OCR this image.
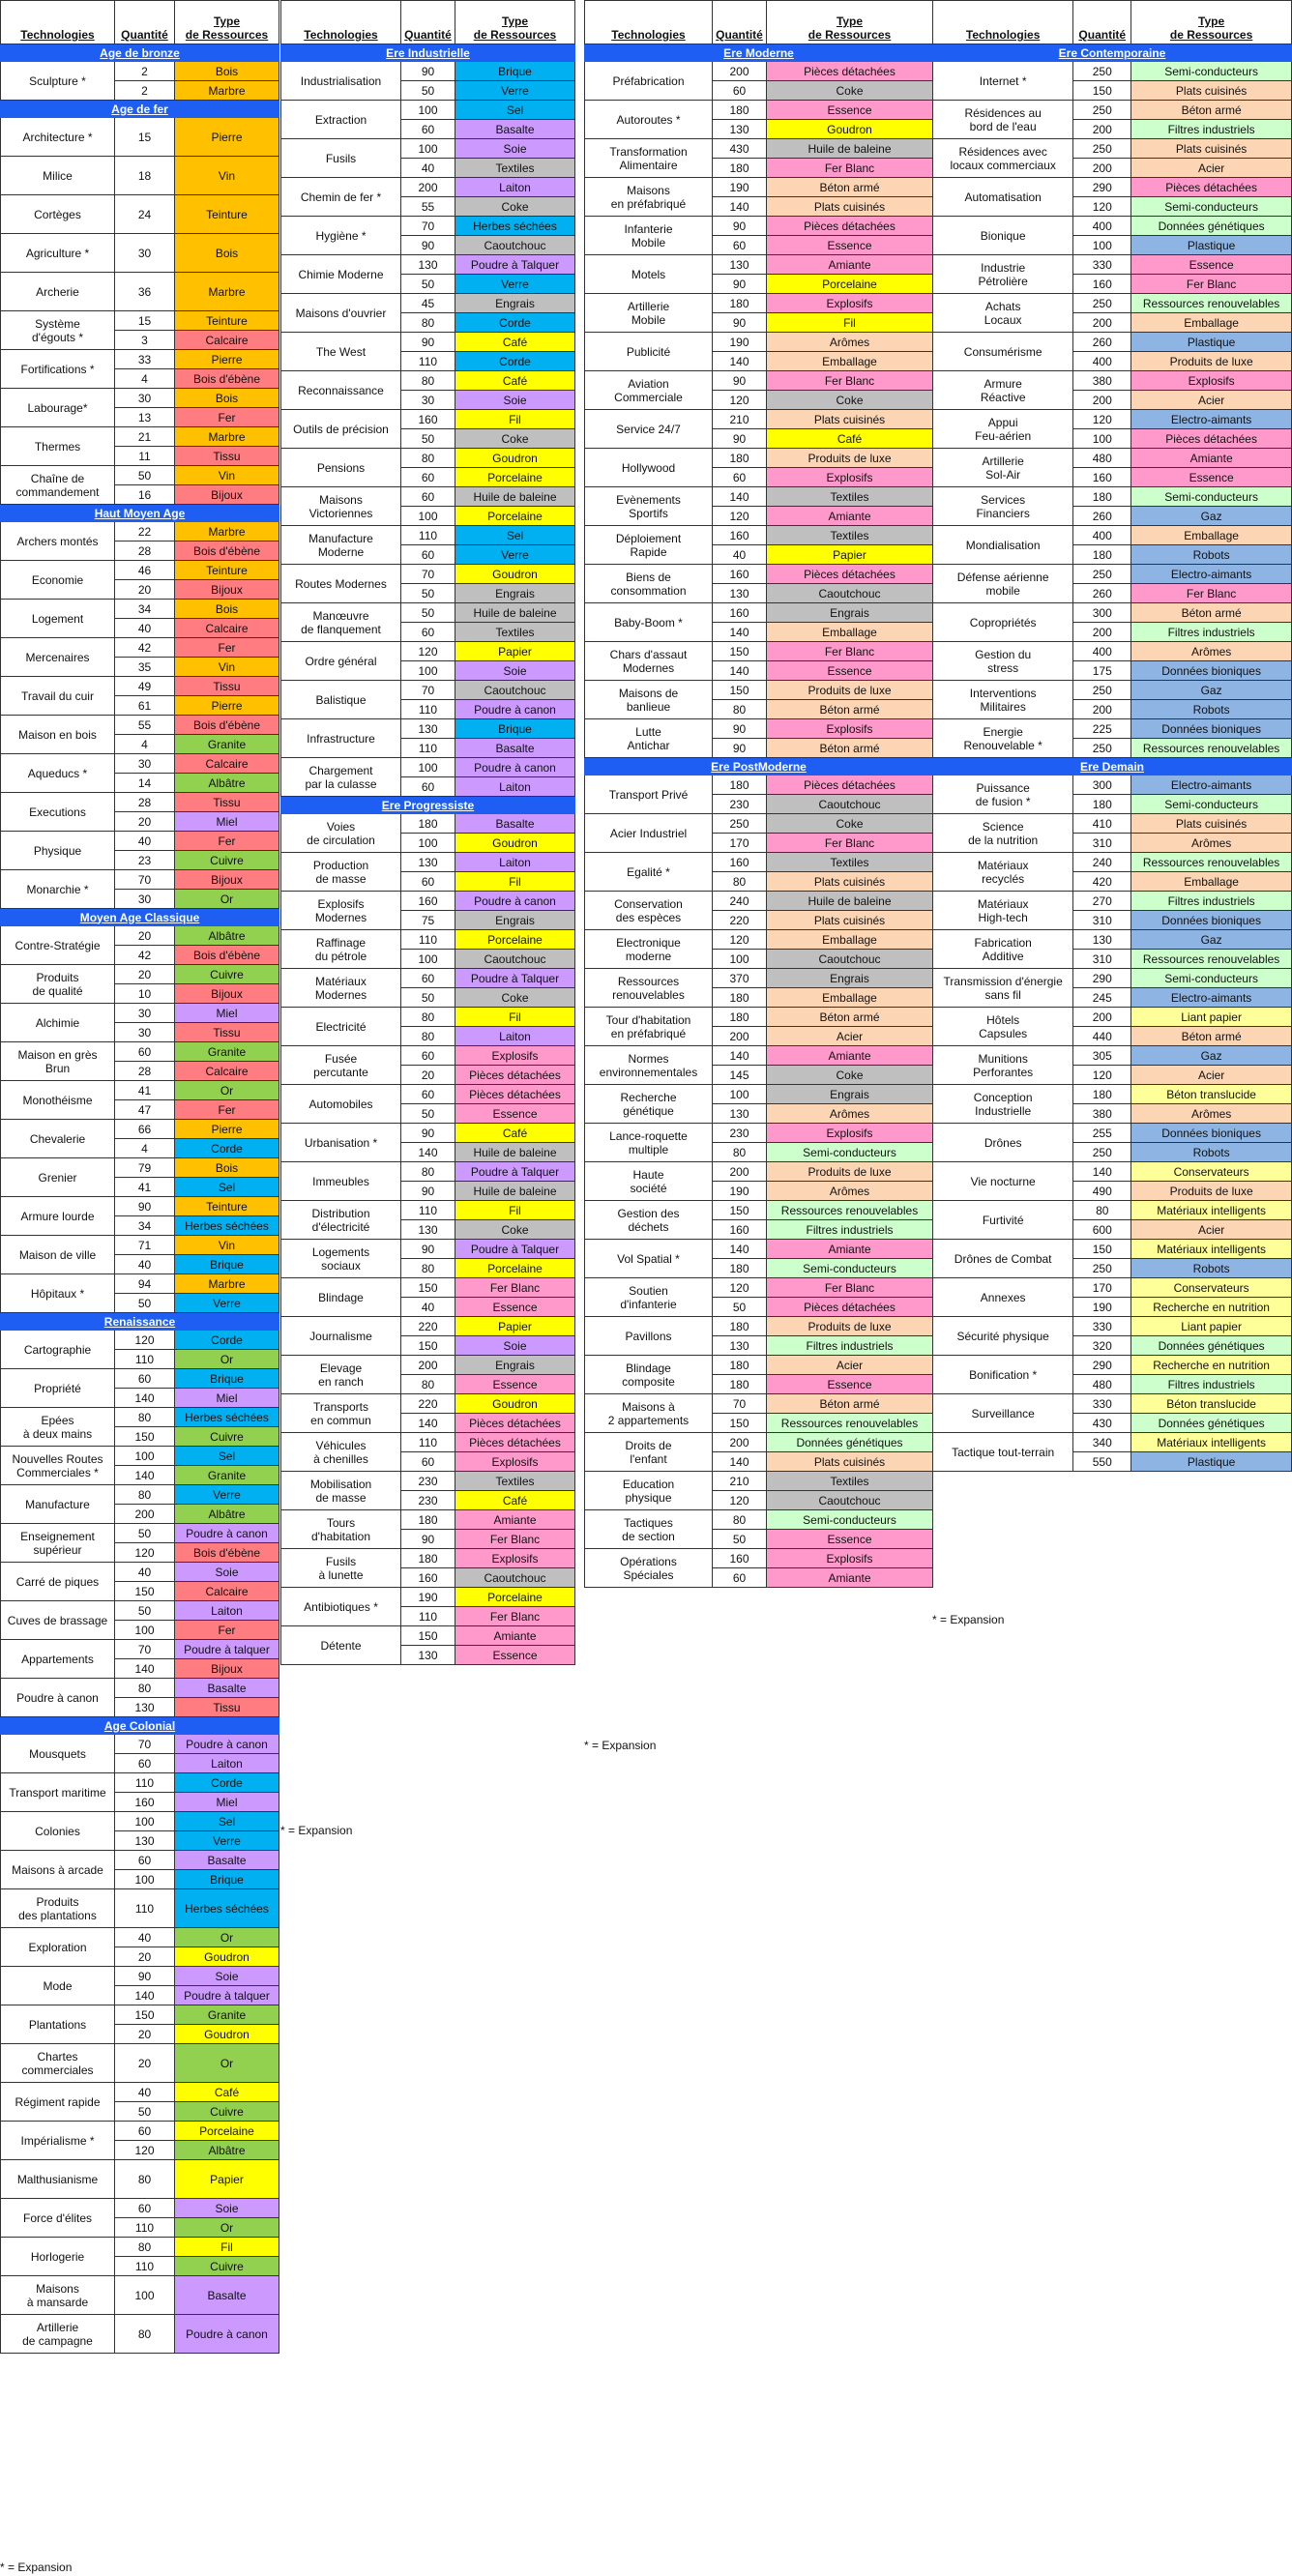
Technologies	Quantité	Type
de Ressources
Age de bronze		
Sculpture *	2	Bois
	2	Marbre
Age de fer		
Architecture *	15	Pierre
Milice	18	Vin
Cortèges	24	Teinture
Agriculture *	30	Bois
Archerie	36	Marbre
Système
d'égouts *	15	Teinture
	3	Calcaire
Fortifications *	33	Pierre
	4	Bois d'ébène
Labourage*	30	Bois
	13	Fer
Thermes	21	Marbre
	11	Tissu
Chaîne de
commandement	50	Vin
	16	Bijoux
Haut Moyen Age		
Archers montés	22	Marbre
	28	Bois d'ébène
Economie	46	Teinture
	20	Bijoux
Logement	34	Bois
	40	Calcaire
Mercenaires	42	Fer
	35	Vin
Travail du cuir	49	Tissu
	61	Pierre
Maison en bois	55	Bois d'ébène
	4	Granite
Aqueducs *	30	Calcaire
	14	Albâtre
Executions	28	Tissu
	20	Miel
Physique	40	Fer
	23	Cuivre
Monarchie *	70	Bijoux
	30	Or
Moyen Age Classique		
Contre-Stratégie	20	Albâtre
	42	Bois d'ébène
Produits
de qualité	20	Cuivre
	10	Bijoux
Alchimie	30	Miel
	30	Tissu
Maison en grès
Brun	60	Granite
	28	Calcaire
Monothéisme	41	Or
	47	Fer
Chevalerie	66	Pierre
	4	Corde
Grenier	79	Bois
	41	Sel
Armure lourde	90	Teinture
	34	Herbes séchées
Maison de ville	71	Vin
	40	Brique
Hôpitaux *	94	Marbre
	50	Verre
Renaissance		
Cartographie	120	Corde
	110	Or
Propriété	60	Brique
	140	Miel
Epées
à deux mains	80	Herbes séchées
	150	Cuivre
Nouvelles Routes
Commerciales *	100	Sel
	140	Granite
Manufacture	80	Verre
	200	Albâtre
Enseignement
supérieur	50	Poudre à canon
	120	Bois d'ébène
Carré de piques	40	Soie
	150	Calcaire
Cuves de brassage	50	Laiton
	100	Fer
Appartements	70	Poudre à talquer
	140	Bijoux
Poudre à canon	80	Basalte
	130	Tissu
Age Colonial		
Mousquets	70	Poudre à canon
	60	Laiton
Transport maritime	110	Corde
	160	Miel
Colonies	100	Sel
	130	Verre
Maisons à arcade	60	Basalte
	100	Brique
Produits
des plantations	110	Herbes séchées
Exploration	40	Or
	20	Goudron
Mode	90	Soie
	140	Poudre à talquer
Plantations	150	Granite
	20	Goudron
Chartes
commerciales	20	Or
Régiment rapide	40	Café
	50	Cuivre
Impérialisme *	60	Porcelaine
	120	Albâtre
Malthusianisme	80	Papier
Force d'élites	60	Soie
	110	Or
Horlogerie	80	Fil
	110	Cuivre
Maisons
à mansarde	100	Basalte
Artillerie
de campagne	80	Poudre à canon
Technologies	Quantité	Type
de Ressources
Ere Industrielle		
Industrialisation	90	Brique
	50	Verre
Extraction	100	Sel
	60	Basalte
Fusils	100	Soie
	40	Textiles
Chemin de fer *	200	Laiton
	55	Coke
Hygiène *	70	Herbes séchées
	90	Caoutchouc
Chimie Moderne	130	Poudre à Talquer
	50	Verre
Maisons d'ouvrier	45	Engrais
	80	Corde
The West	90	Café
	110	Corde
Reconnaissance	80	Café
	30	Soie
Outils de précision	160	Fil
	50	Coke
Pensions	80	Goudron
	60	Porcelaine
Maisons
Victoriennes	60	Huile de baleine
	100	Porcelaine
Manufacture
Moderne	110	Sel
	60	Verre
Routes Modernes	70	Goudron
	50	Engrais
Manœuvre
de flanquement	50	Huile de baleine
	60	Textiles
Ordre général	120	Papier
	100	Soie
Balistique	70	Caoutchouc
	110	Poudre à canon
Infrastructure	130	Brique
	110	Basalte
Chargement
par la culasse	100	Poudre à canon
	60	Laiton
Ere Progressiste		
Voies
de circulation	180	Basalte
	100	Goudron
Production
de masse	130	Laiton
	60	Fil
Explosifs
Modernes	160	Poudre à canon
	75	Engrais
Raffinage
du pétrole	110	Porcelaine
	100	Caoutchouc
Matériaux
Modernes	60	Poudre à Talquer
	50	Coke
Electricité	80	Fil
	80	Laiton
Fusée
percutante	60	Explosifs
	20	Pièces détachées
Automobiles	60	Pièces détachées
	50	Essence
Urbanisation *	90	Café
	140	Huile de baleine
Immeubles	80	Poudre à Talquer
	90	Huile de baleine
Distribution
d'électricité	110	Fil
	130	Coke
Logements
sociaux	90	Poudre à Talquer
	80	Porcelaine
Blindage	150	Fer Blanc
	40	Essence
Journalisme	220	Papier
	150	Soie
Elevage
en ranch	200	Engrais
	80	Essence
Transports
en commun	220	Goudron
	140	Pièces détachées
Véhicules
à chenilles	110	Pièces détachées
	60	Explosifs
Mobilisation
de masse	230	Textiles
	230	Café
Tours
d'habitation	180	Amiante
	90	Fer Blanc
Fusils
à lunette	180	Explosifs
	160	Caoutchouc
Antibiotiques *	190	Porcelaine
	110	Fer Blanc
Détente	150	Amiante
	130	Essence
Technologies	Quantité	Type
de Ressources
Ere Moderne		
Préfabrication	200	Pièces détachées
	60	Coke
Autoroutes *	180	Essence
	130	Goudron
Transformation
Alimentaire	430	Huile de baleine
	180	Fer Blanc
Maisons
en préfabriqué	190	Béton armé
	140	Plats cuisinés
Infanterie
Mobile	90	Pièces détachées
	60	Essence
Motels	130	Amiante
	90	Porcelaine
Artillerie
Mobile	180	Explosifs
	90	Fil
Publicité	190	Arômes
	140	Emballage
Aviation
Commerciale	90	Fer Blanc
	120	Coke
Service 24/7	210	Plats cuisinés
	90	Café
Hollywood	180	Produits de luxe
	60	Explosifs
Evènements
Sportifs	140	Textiles
	120	Amiante
Déploiement
Rapide	160	Textiles
	40	Papier
Biens de
consommation	160	Pièces détachées
	130	Caoutchouc
Baby-Boom *	160	Engrais
	140	Emballage
Chars d'assaut
Modernes	150	Fer Blanc
	140	Essence
Maisons de
banlieue	150	Produits de luxe
	80	Béton armé
Lutte
Antichar	90	Explosifs
	90	Béton armé
Ere PostModerne		
Transport Privé	180	Pièces détachées
	230	Caoutchouc
Acier Industriel	250	Coke
	170	Fer Blanc
Egalité *	160	Textiles
	80	Plats cuisinés
Conservation
des espèces	240	Huile de baleine
	220	Plats cuisinés
Electronique
moderne	120	Emballage
	100	Caoutchouc
Ressources
renouvelables	370	Engrais
	180	Emballage
Tour d'habitation
en préfabriqué	180	Béton armé
	200	Acier
Normes
environnementales	140	Amiante
	145	Coke
Recherche
génétique	100	Engrais
	130	Arômes
Lance-roquette
multiple	230	Explosifs
	80	Semi-conducteurs
Haute
société	200	Produits de luxe
	190	Arômes
Gestion des
déchets	150	Ressources renouvelables
	160	Filtres industriels
Vol Spatial *	140	Amiante
	180	Semi-conducteurs
Soutien
d'infanterie	120	Fer Blanc
	50	Pièces détachées
Pavillons	180	Produits de luxe
	130	Filtres industriels
Blindage
composite	180	Acier
	180	Essence
Maisons à
2 appartements	70	Béton armé
	150	Ressources renouvelables
Droits de
l'enfant	200	Données génétiques
	140	Plats cuisinés
Education
physique	210	Textiles
	120	Caoutchouc
Tactiques
de section	80	Semi-conducteurs
	50	Essence
Opérations
Spéciales	160	Explosifs
	60	Amiante
Technologies	Quantité	Type
de Ressources
Ere Contemporaine		
Internet *	250	Semi-conducteurs
	150	Plats cuisinés
Résidences au
bord de l'eau	250	Béton armé
	200	Filtres industriels
Résidences avec
locaux commerciaux	250	Plats cuisinés
	200	Acier
Automatisation	290	Pièces détachées
	120	Semi-conducteurs
Bionique	400	Données génétiques
	100	Plastique
Industrie
Pétrolière	330	Essence
	160	Fer Blanc
Achats
Locaux	250	Ressources renouvelables
	200	Emballage
Consumérisme	260	Plastique
	400	Produits de luxe
Armure
Réactive	380	Explosifs
	200	Acier
Appui
Feu-aérien	120	Electro-aimants
	100	Pièces détachées
Artillerie
Sol-Air	480	Amiante
	160	Essence
Services
Financiers	180	Semi-conducteurs
	260	Gaz
Mondialisation	400	Emballage
	180	Robots
Défense aérienne
mobile	250	Electro-aimants
	260	Fer Blanc
Copropriétés	300	Béton armé
	200	Filtres industriels
Gestion du
stress	400	Arômes
	175	Données bioniques
Interventions
Militaires	250	Gaz
	200	Robots
Energie
Renouvelable *	225	Données bioniques
	250	Ressources renouvelables
Ere Demain		
Puissance
de fusion *	300	Electro-aimants
	180	Semi-conducteurs
Science
de la nutrition	410	Plats cuisinés
	310	Arômes
Matériaux
recyclés	240	Ressources renouvelables
	420	Emballage
Matériaux
High-tech	270	Filtres industriels
	310	Données bioniques
Fabrication
Additive	130	Gaz
	310	Ressources renouvelables
Transmission d'énergie
sans fil	290	Semi-conducteurs
	245	Electro-aimants
Hôtels
Capsules	200	Liant papier
	440	Béton armé
Munitions
Perforantes	305	Gaz
	120	Acier
Conception
Industrielle	180	Béton translucide
	380	Arômes
Drônes	255	Données bioniques
	250	Robots
Vie nocturne	140	Conservateurs
	490	Produits de luxe
Furtivité	80	Matériaux intelligents
	600	Acier
Drônes de Combat	150	Matériaux intelligents
	250	Robots
Annexes	170	Conservateurs
	190	Recherche en nutrition
Sécurité physique	330	Liant papier
	320	Données génétiques
Bonification *	290	Recherche en nutrition
	480	Filtres industriels
Surveillance	330	Béton translucide
	430	Données génétiques
Tactique tout-terrain	340	Matériaux intelligents
	550	Plastique
* = Expansion
* = Expansion
* = Expansion
* = Expansion
